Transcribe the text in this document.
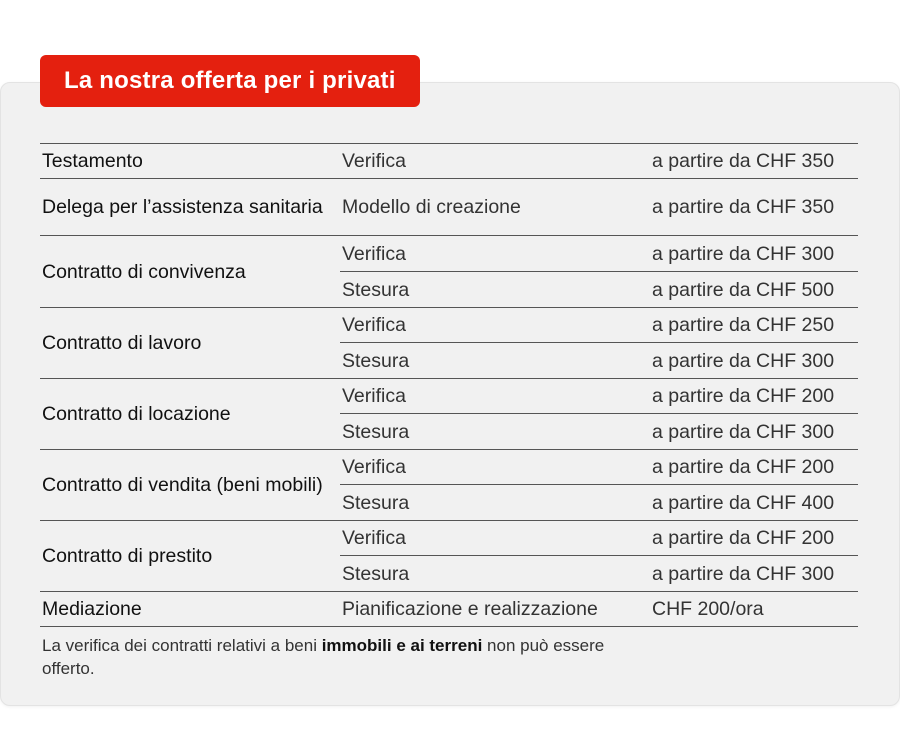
La nostra offerta per i privati
Testamento	Verifica	a partire da CHF 350
Delega per l’assistenza sanitaria	Modello di creazione	a partire da CHF 350
Contratto di convivenza	Verifica	a partire da CHF 300
	Stesura	a partire da CHF 500
Contratto di lavoro	Verifica	a partire da CHF 250
	Stesura	a partire da CHF 300
Contratto di locazione	Verifica	a partire da CHF 200
	Stesura	a partire da CHF 300
Contratto di vendita (beni mobili)	Verifica	a partire da CHF 200
	Stesura	a partire da CHF 400
Contratto di prestito	Verifica	a partire da CHF 200
	Stesura	a partire da CHF 300
Mediazione	Pianificazione e realizzazione	CHF 200/ora
La verifica dei contratti relativi a beni immobili e ai terreni non può essere offerto.
